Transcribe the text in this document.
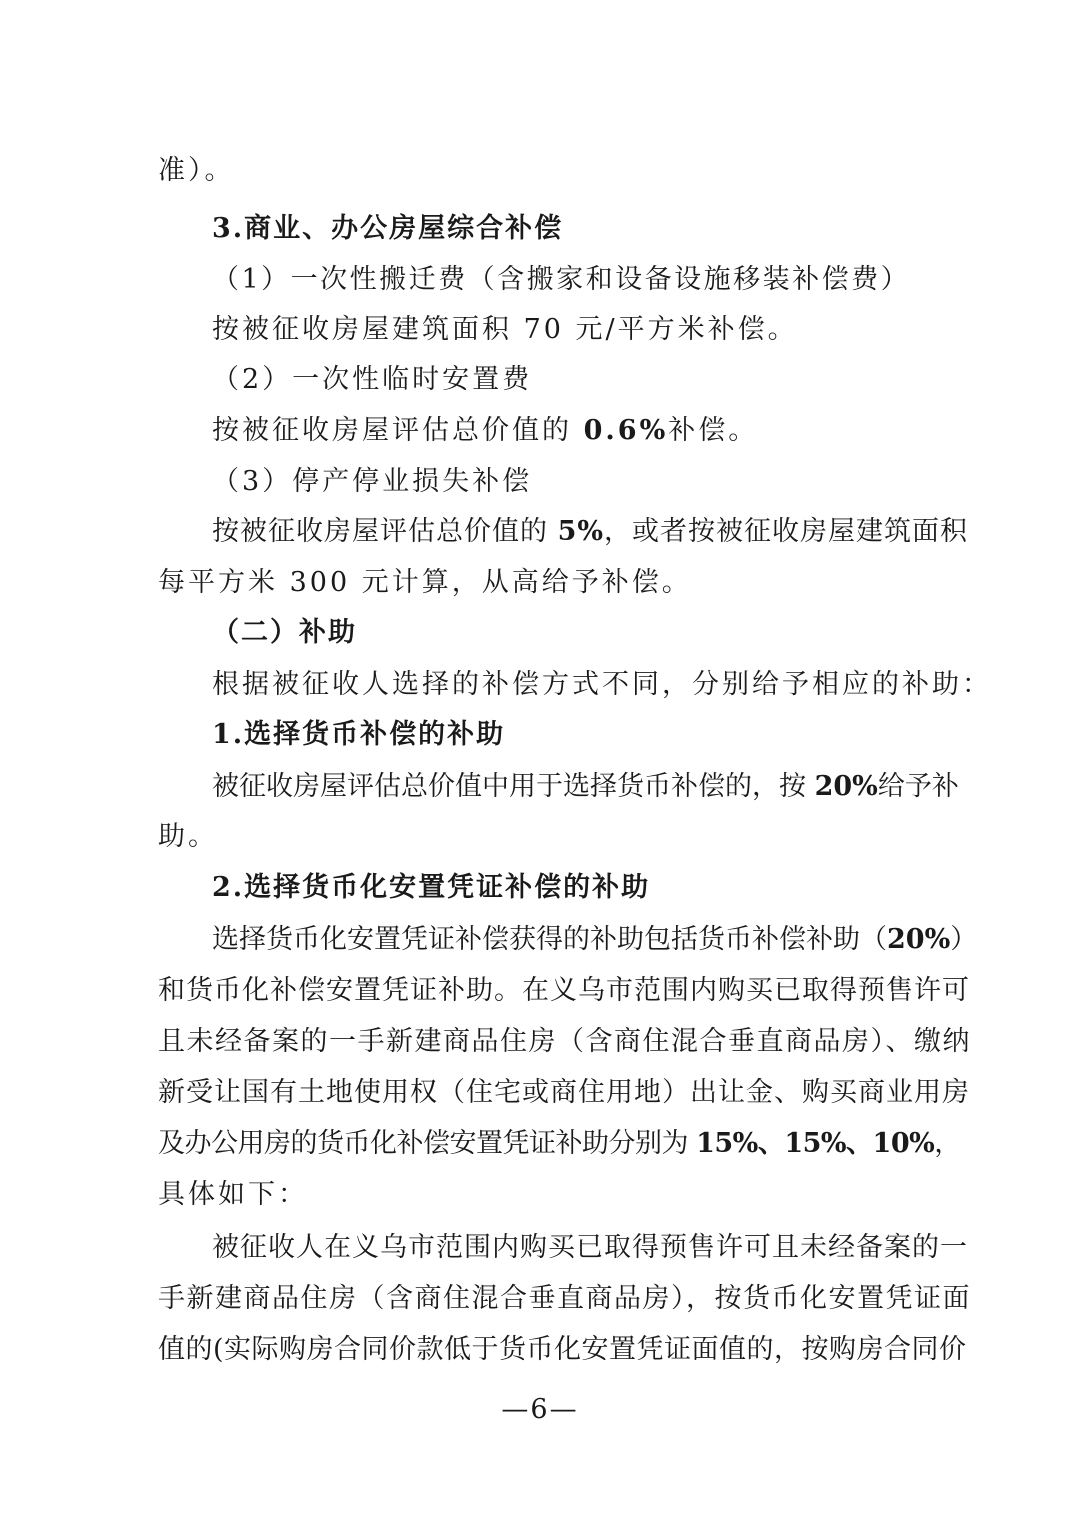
准）。
3.商业、办公房屋综合补偿
（1）一次性搬迁费（含搬家和设备设施移装补偿费）
按被征收房屋建筑面积 70 元/平方米补偿。
（2）一次性临时安置费
按被征收房屋评估总价值的 0.6%补偿。
（3）停产停业损失补偿
按被征收房屋评估总价值的 5%，或者按被征收房屋建筑面积
每平方米 300 元计算，从高给予补偿。
（二）补助
根据被征收人选择的补偿方式不同，分别给予相应的补助：
1.选择货币补偿的补助
被征收房屋评估总价值中用于选择货币补偿的，按 20%给予补
助。
2.选择货币化安置凭证补偿的补助
选择货币化安置凭证补偿获得的补助包括货币补偿补助（20%）
和货币化补偿安置凭证补助。在义乌市范围内购买已取得预售许可
且未经备案的一手新建商品住房（含商住混合垂直商品房）、缴纳
新受让国有土地使用权（住宅或商住用地）出让金、购买商业用房
及办公用房的货币化补偿安置凭证补助分别为 15%、15%、10%，
具体如下：
被征收人在义乌市范围内购买已取得预售许可且未经备案的一
手新建商品住房（含商住混合垂直商品房），按货币化安置凭证面
值的(实际购房合同价款低于货币化安置凭证面值的，按购房合同价
—6—
